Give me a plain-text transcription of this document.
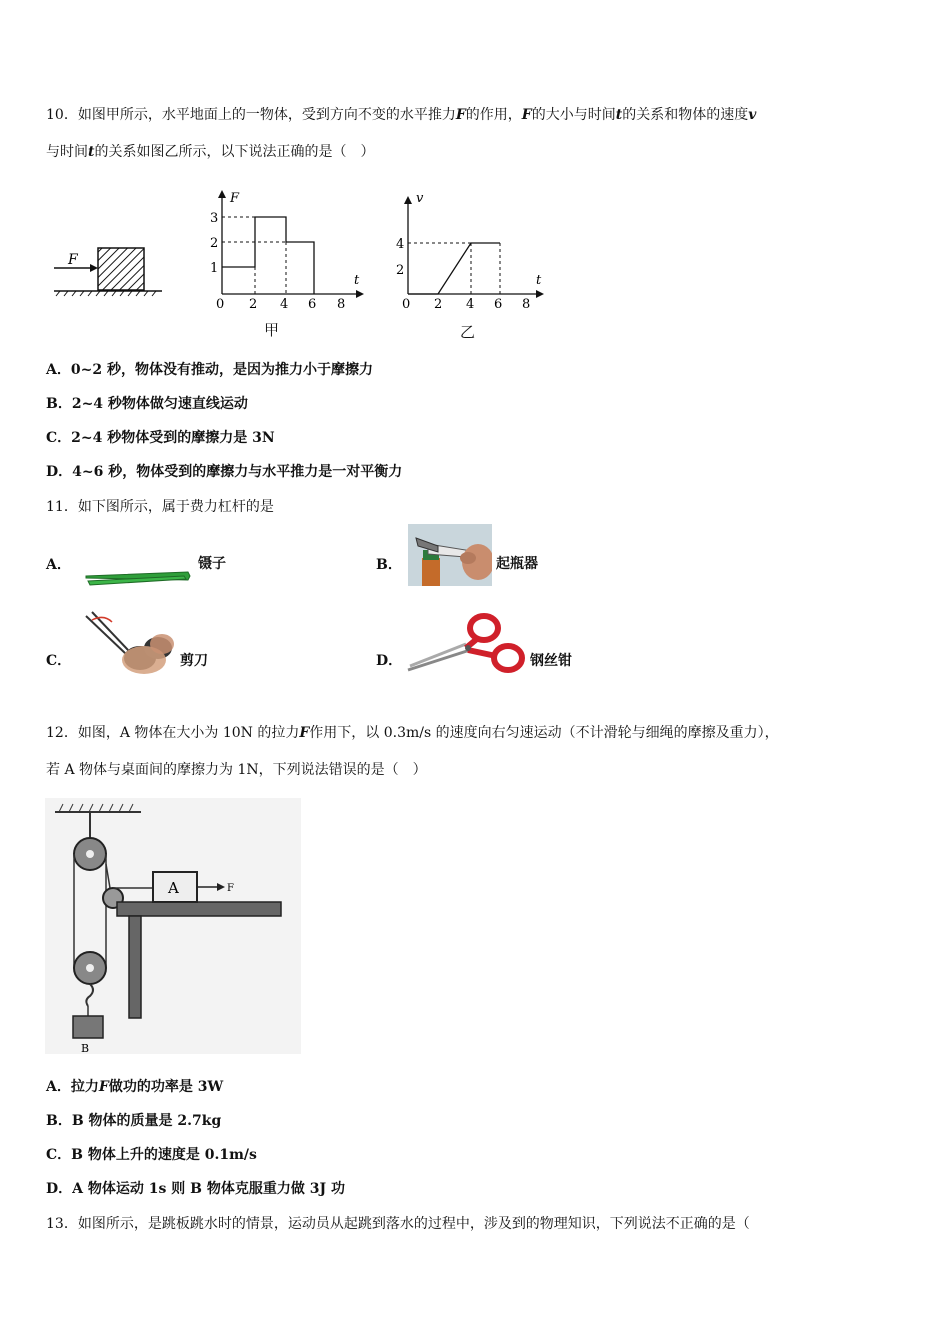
10．如图甲所示，水平地面上的一物体，受到方向不变的水平推力F的作用，F的大小与时间t的关系和物体的速度v
与时间t的关系如图乙所示，以下说法正确的是（　）
F
F
t
3
2
1
0 2 4 6 8
甲
v
t
4
2
0 2 4 6 8
乙
A．0~2 秒，物体没有推动，是因为推力小于摩擦力
B．2~4 秒物体做匀速直线运动
C．2~4 秒物体受到的摩擦力是 3N
D．4~6 秒，物体受到的摩擦力与水平推力是一对平衡力
11．如下图所示，属于费力杠杆的是
A．	镊子	B．	起瓶器
C．	剪刀	D．	钢丝钳
12．如图，A 物体在大小为 10N 的拉力F作用下，以 0.3m/s 的速度向右匀速运动（不计滑轮与细绳的摩擦及重力），
若 A 物体与桌面间的摩擦力为 1N，下列说法错误的是（　）
B
A	F
A．拉力F做功的功率是 3W
B．B 物体的质量是 2.7kg
C．B 物体上升的速度是 0.1m/s
D．A 物体运动 1s 则 B 物体克服重力做 3J 功
13．如图所示，是跳板跳水时的情景，运动员从起跳到落水的过程中，涉及到的物理知识，下列说法不正确的是（
